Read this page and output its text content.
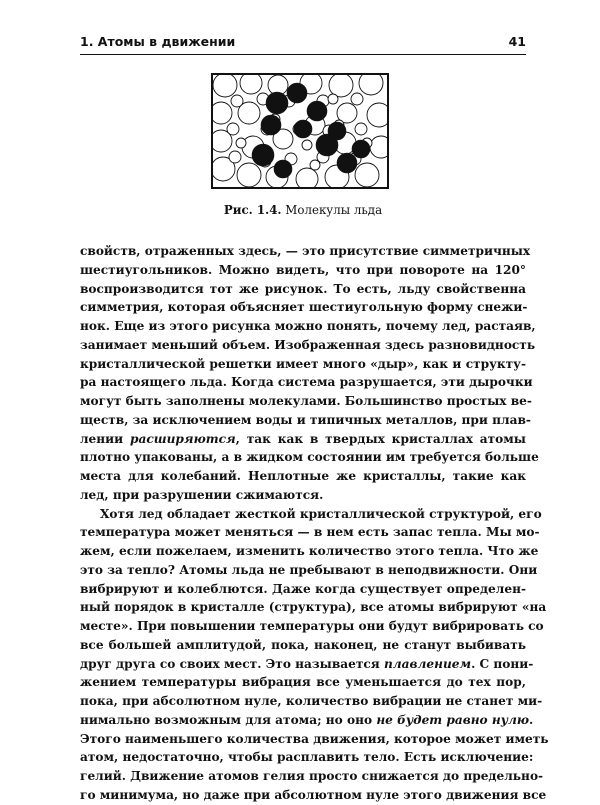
1. Атомы в движении	41
Рис. 1.4. Молекулы льда
свойств, отраженных здесь, — это присутствие симметричных
шестиугольников. Можно видеть, что при повороте на 120°
воспроизводится тот же рисунок. То есть, льду свойственна
симметрия, которая объясняет шестиугольную форму снежи-
нок. Еще из этого рисунка можно понять, почему лед, растаяв,
занимает меньший объем. Изображенная здесь разновидность
кристаллической решетки имеет много «дыр», как и структу-
ра настоящего льда. Когда система разрушается, эти дырочки
могут быть заполнены молекулами. Большинство простых ве-
ществ, за исключением воды и типичных металлов, при плав-
лении расширяются, так как в твердых кристаллах атомы
плотно упакованы, а в жидком состоянии им требуется больше
места для колебаний. Неплотные же кристаллы, такие как
лед, при разрушении сжимаются.
Хотя лед обладает жесткой кристаллической структурой, его
температура может меняться — в нем есть запас тепла. Мы мо-
жем, если пожелаем, изменить количество этого тепла. Что же
это за тепло? Атомы льда не пребывают в неподвижности. Они
вибрируют и колеблются. Даже когда существует определен-
ный порядок в кристалле (структура), все атомы вибрируют «на
месте». При повышении температуры они будут вибрировать со
все большей амплитудой, пока, наконец, не станут выбивать
друг друга со своих мест. Это называется плавлением. С пони-
жением температуры вибрация все уменьшается до тех пор,
пока, при абсолютном нуле, количество вибрации не станет ми-
нимально возможным для атома; но оно не будет равно нулю.
Этого наименьшего количества движения, которое может иметь
атом, недостаточно, чтобы расплавить тело. Есть исключение:
гелий. Движение атомов гелия просто снижается до предельно-
го минимума, но даже при абсолютном нуле этого движения все
